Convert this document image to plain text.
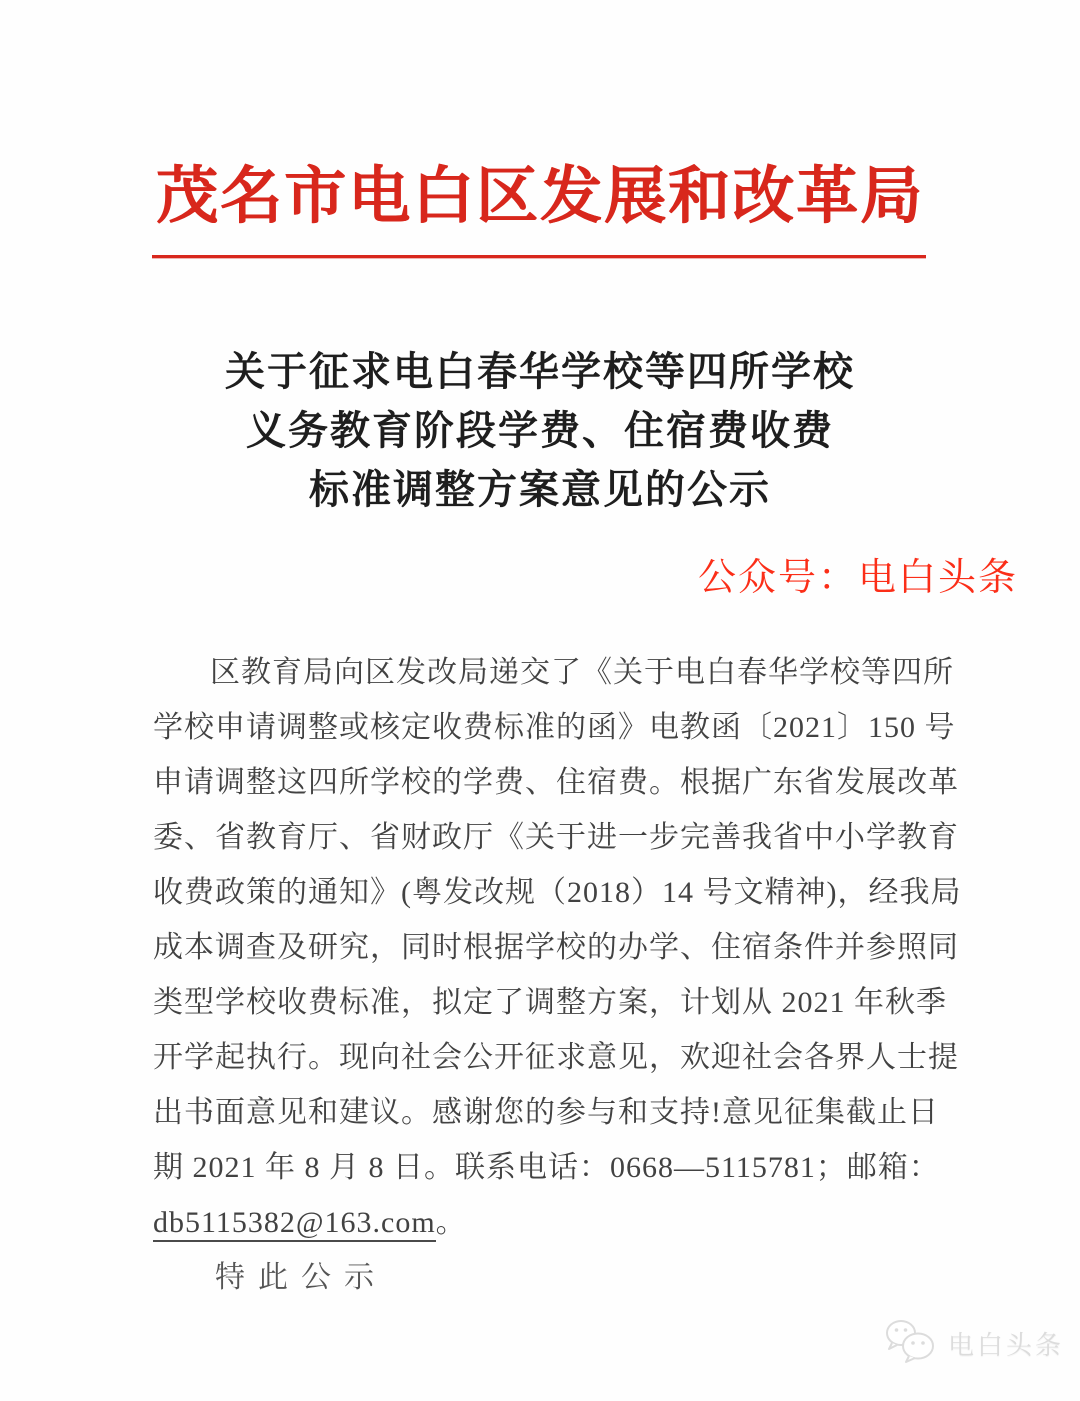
茂名市电白区发展和改革局
关于征求电白春华学校等四所学校
义务教育阶段学费、住宿费收费
标准调整方案意见的公示
公众号：电白头条
区教育局向区发改局递交了《关于电白春华学校等四所
学校申请调整或核定收费标准的函》电教函〔2021〕150 号
申请调整这四所学校的学费、住宿费。根据广东省发展改革
委、省教育厅、省财政厅《关于进一步完善我省中小学教育
收费政策的通知》(粤发改规（2018）14 号文精神)，经我局
成本调查及研究，同时根据学校的办学、住宿条件并参照同
类型学校收费标准，拟定了调整方案，计划从 2021 年秋季
开学起执行。现向社会公开征求意见，欢迎社会各界人士提
出书面意见和建议。感谢您的参与和支持!意见征集截止日
期 2021 年 8 月 8 日。联系电话：0668—5115781；邮箱：
db5115382@163.com。
特此公示
电白头条
